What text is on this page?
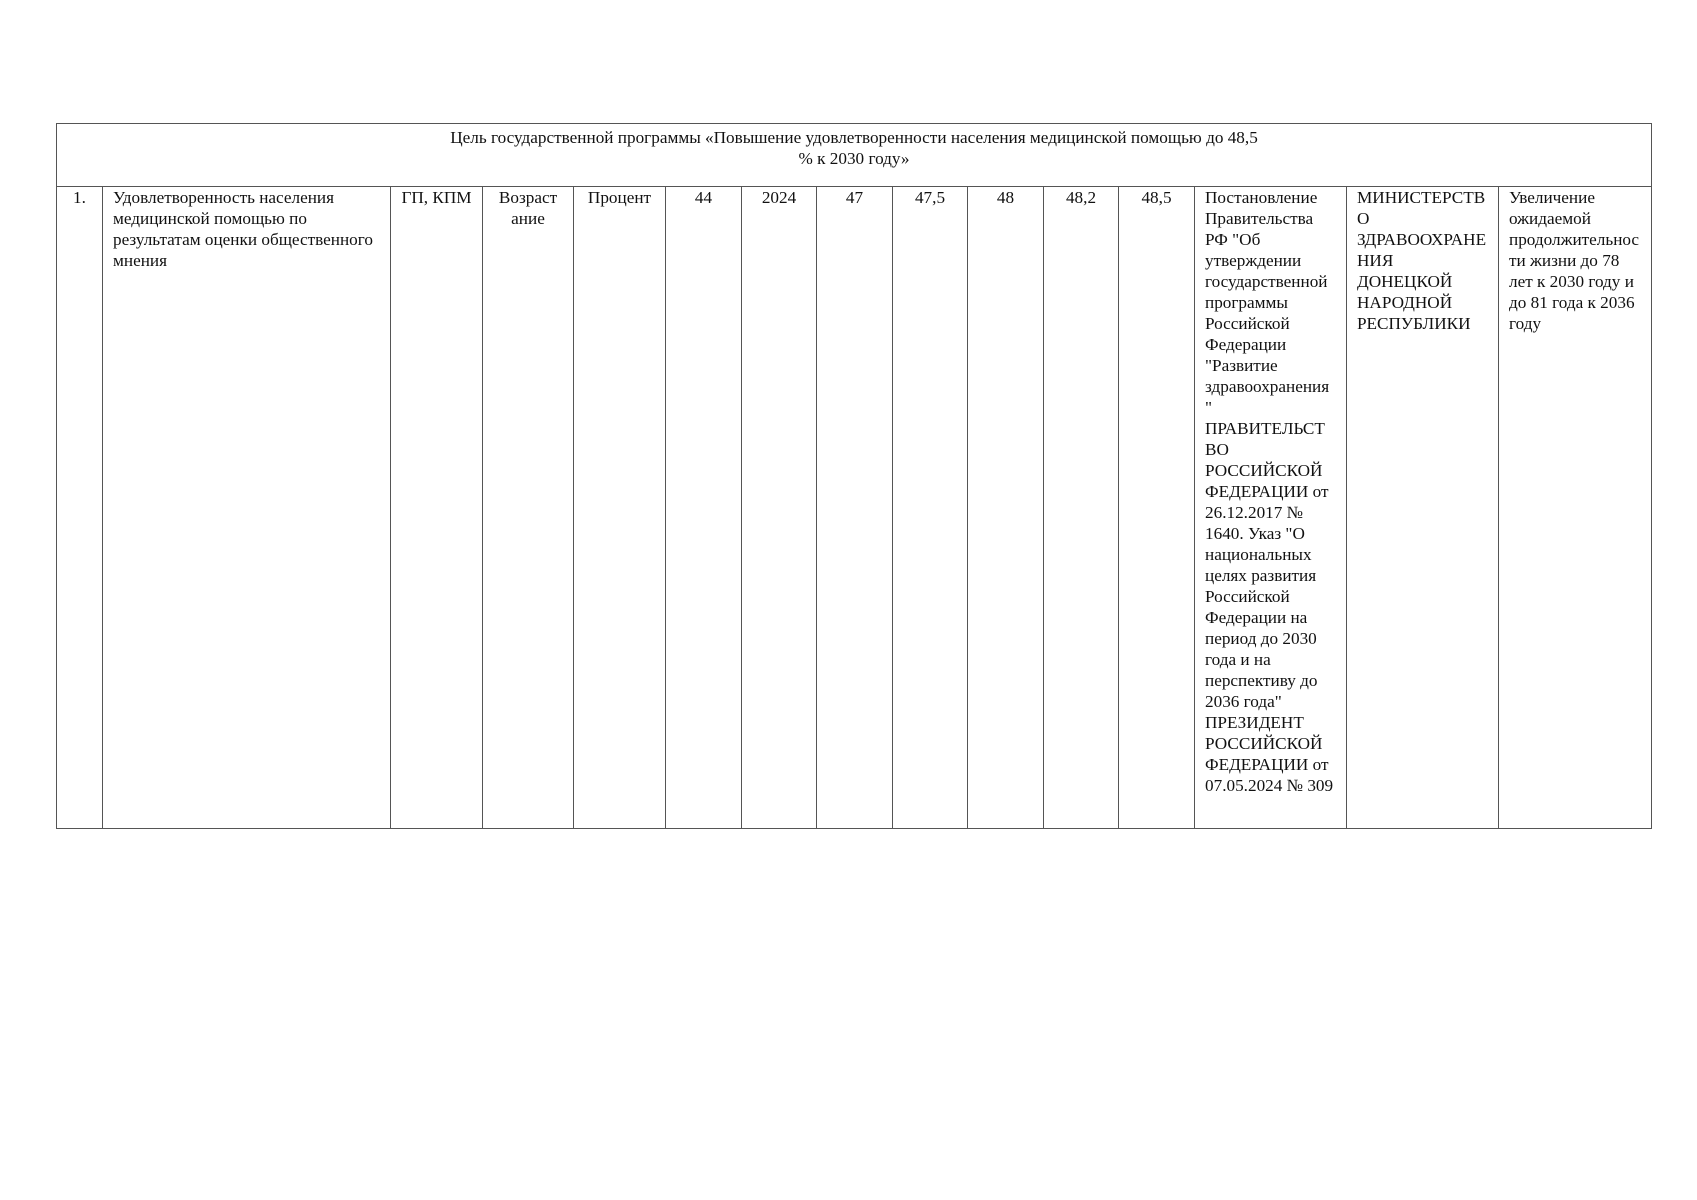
Цель государственной программы «Повышение удовлетворенности населения медицинской помощью до 48,5 % к 2030 году»
1.	Удовлетворенность населения медицинской помощью по результатам оценки общественного мнения	ГП, КПМ	Возраст ание	Процент	44	2024	47	47,5	48	48,2	48,5	Постановление Правительства РФ "Об утверждении государственной программы Российской Федерации "Развитие здравоохранения" ПРАВИТЕЛЬСТВО РОССИЙСКОЙ ФЕДЕРАЦИИ от 26.12.2017 № 1640. Указ "О национальных целях развития Российской Федерации на период до 2030 года и на перспективу до 2036 года" ПРЕЗИДЕНТ РОССИЙСКОЙ ФЕДЕРАЦИИ от 07.05.2024 № 309	МИНИСТЕРСТВО ЗДРАВООХРАНЕНИЯ ДОНЕЦКОЙ НАРОДНОЙ РЕСПУБЛИКИ	Увеличение ожидаемой продолжительности жизни до 78 лет к 2030 году и до 81 года к 2036 году
